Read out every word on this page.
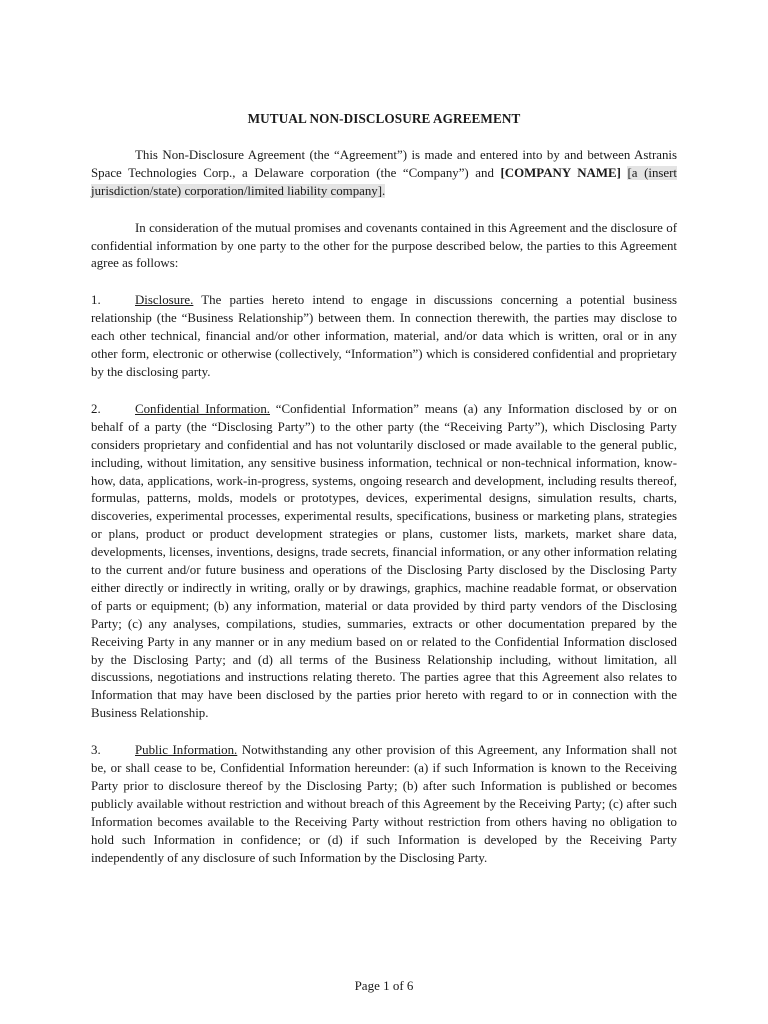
MUTUAL NON-DISCLOSURE AGREEMENT

This Non-Disclosure Agreement (the “Agreement”) is made and entered into by and between Astranis Space Technologies Corp., a Delaware corporation (the “Company”) and [COMPANY NAME] [a (insert jurisdiction/state) corporation/limited liability company].

In consideration of the mutual promises and covenants contained in this Agreement and the disclosure of confidential information by one party to the other for the purpose described below, the parties to this Agreement agree as follows:

1.	Disclosure. The parties hereto intend to engage in discussions concerning a potential business relationship (the “Business Relationship”) between them. In connection therewith, the parties may disclose to each other technical, financial and/or other information, material, and/or data which is written, oral or in any other form, electronic or otherwise (collectively, “Information”) which is considered confidential and proprietary by the disclosing party.

2.	Confidential Information. “Confidential Information” means (a) any Information disclosed by or on behalf of a party (the “Disclosing Party”) to the other party (the “Receiving Party”), which Disclosing Party considers proprietary and confidential and has not voluntarily disclosed or made available to the general public, including, without limitation, any sensitive business information, technical or non-technical information, know-how, data, applications, work-in-progress, systems, ongoing research and development, including results thereof, formulas, patterns, molds, models or prototypes, devices, experimental designs, simulation results, charts, discoveries, experimental processes, experimental results, specifications, business or marketing plans, strategies or plans, product or product development strategies or plans, customer lists, markets, market share data, developments, licenses, inventions, designs, trade secrets, financial information, or any other information relating to the current and/or future business and operations of the Disclosing Party disclosed by the Disclosing Party either directly or indirectly in writing, orally or by drawings, graphics, machine readable format, or observation of parts or equipment; (b) any information, material or data provided by third party vendors of the Disclosing Party; (c) any analyses, compilations, studies, summaries, extracts or other documentation prepared by the Receiving Party in any manner or in any medium based on or related to the Confidential Information disclosed by the Disclosing Party; and (d) all terms of the Business Relationship including, without limitation, all discussions, negotiations and instructions relating thereto. The parties agree that this Agreement also relates to Information that may have been disclosed by the parties prior hereto with regard to or in connection with the Business Relationship.

3.	Public Information. Notwithstanding any other provision of this Agreement, any Information shall not be, or shall cease to be, Confidential Information hereunder: (a) if such Information is known to the Receiving Party prior to disclosure thereof by the Disclosing Party; (b) after such Information is published or becomes publicly available without restriction and without breach of this Agreement by the Receiving Party; (c) after such Information becomes available to the Receiving Party without restriction from others having no obligation to hold such Information in confidence; or (d) if such Information is developed by the Receiving Party independently of any disclosure of such Information by the Disclosing Party.

Page 1 of 6
